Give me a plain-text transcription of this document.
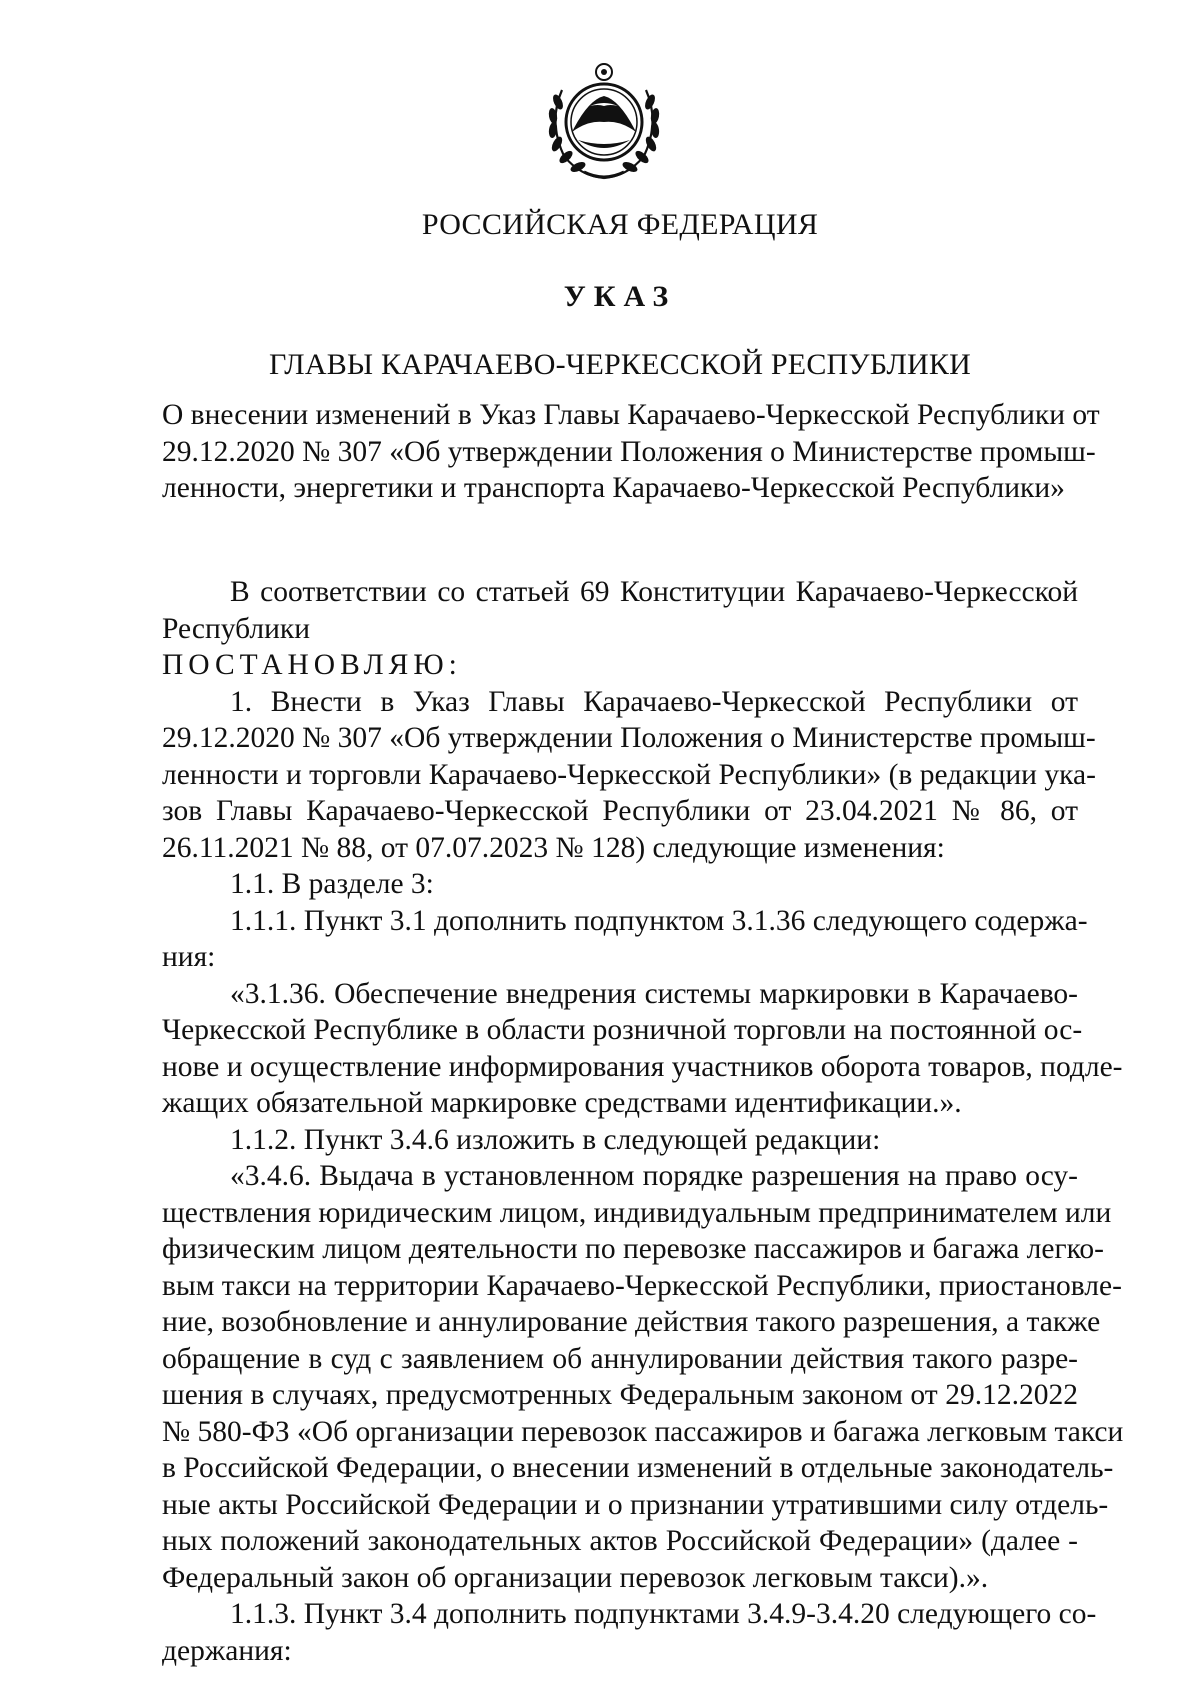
РОССИЙСКАЯ ФЕДЕРАЦИЯ
УКАЗ
ГЛАВЫ КАРАЧАЕВО-ЧЕРКЕССКОЙ РЕСПУБЛИКИ
О внесении изменений в Указ Главы Карачаево-Черкесской Республики от
29.12.2020 № 307 «Об утверждении Положения о Министерстве промыш-
ленности, энергетики и транспорта Карачаево-Черкесской Республики»
В соответствии со статьей 69 Конституции Карачаево-Черкесской
Республики
ПОСТАНОВЛЯЮ:
1. Внести в Указ Главы Карачаево-Черкесской Республики от
29.12.2020 № 307 «Об утверждении Положения о Министерстве промыш-
ленности и торговли Карачаево-Черкесской Республики» (в редакции ука-
зов Главы Карачаево-Черкесской Республики от 23.04.2021 № 86, от
26.11.2021 № 88, от 07.07.2023 № 128) следующие изменения:
1.1. В разделе 3:
1.1.1. Пункт 3.1 дополнить подпунктом 3.1.36 следующего содержа-
ния:
«3.1.36. Обеспечение внедрения системы маркировки в Карачаево-
Черкесской Республике в области розничной торговли на постоянной ос-
нове и осуществление информирования участников оборота товаров, подле-
жащих обязательной маркировке средствами идентификации.».
1.1.2. Пункт 3.4.6 изложить в следующей редакции:
«3.4.6. Выдача в установленном порядке разрешения на право осу-
ществления юридическим лицом, индивидуальным предпринимателем или
физическим лицом деятельности по перевозке пассажиров и багажа легко-
вым такси на территории Карачаево-Черкесской Республики, приостановле-
ние, возобновление и аннулирование действия такого разрешения, а также
обращение в суд с заявлением об аннулировании действия такого разре-
шения в случаях, предусмотренных Федеральным законом от 29.12.2022
№ 580-ФЗ «Об организации перевозок пассажиров и багажа легковым такси
в Российской Федерации, о внесении изменений в отдельные законодатель-
ные акты Российской Федерации и о признании утратившими силу отдель-
ных положений законодательных актов Российской Федерации» (далее -
Федеральный закон об организации перевозок легковым такси).».
1.1.3. Пункт 3.4 дополнить подпунктами 3.4.9-3.4.20 следующего со-
держания:
